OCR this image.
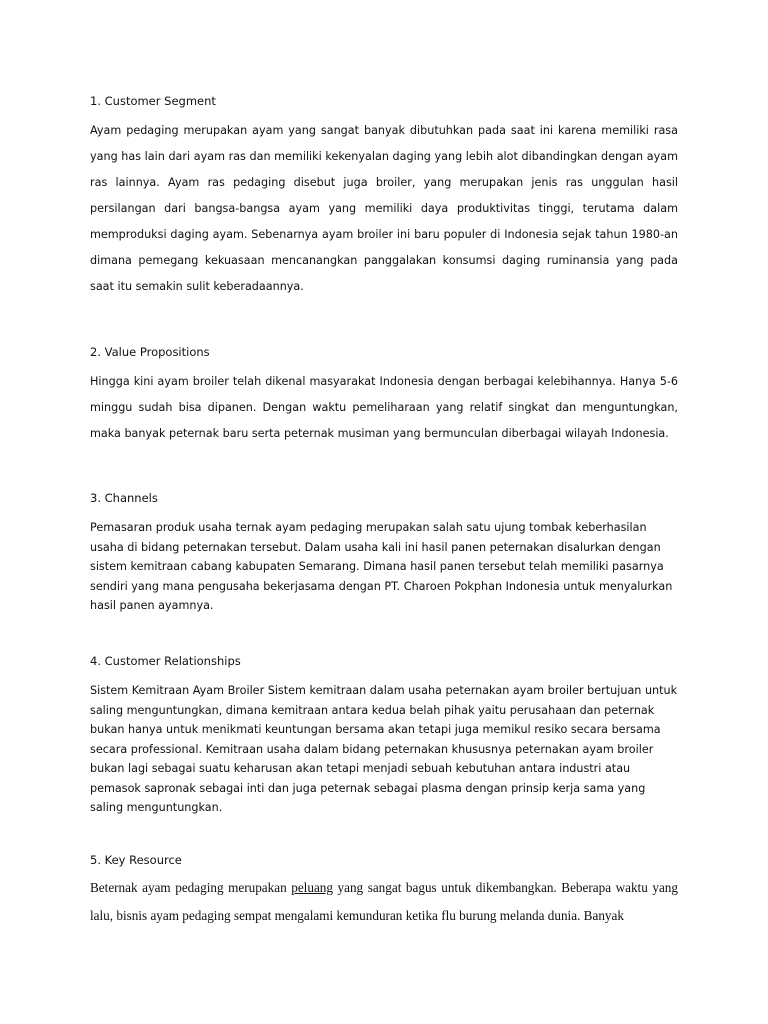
1. Customer Segment
Ayam pedaging merupakan ayam yang sangat banyak dibutuhkan pada saat ini karena memiliki rasa yang has lain dari ayam ras dan memiliki kekenyalan daging yang lebih alot dibandingkan dengan ayam ras lainnya. Ayam ras pedaging disebut juga broiler, yang merupakan jenis ras unggulan hasil persilangan dari bangsa-bangsa ayam yang memiliki daya produktivitas tinggi, terutama dalam memproduksi daging ayam. Sebenarnya ayam broiler ini baru populer di Indonesia sejak tahun 1980-an dimana pemegang kekuasaan mencanangkan panggalakan konsumsi daging ruminansia yang pada saat itu semakin sulit keberadaannya.
2. Value Propositions
Hingga kini ayam broiler telah dikenal masyarakat Indonesia dengan berbagai kelebihannya. Hanya 5-6 minggu sudah bisa dipanen. Dengan waktu pemeliharaan yang relatif singkat dan menguntungkan, maka banyak peternak baru serta peternak musiman yang bermunculan diberbagai wilayah Indonesia.
3. Channels
Pemasaran produk usaha ternak ayam pedaging merupakan salah satu ujung tombak keberhasilan usaha di bidang peternakan tersebut. Dalam usaha kali ini hasil panen peternakan disalurkan dengan sistem kemitraan cabang kabupaten Semarang. Dimana hasil panen tersebut telah memiliki pasarnya sendiri yang mana pengusaha bekerjasama dengan PT. Charoen Pokphan Indonesia untuk menyalurkan hasil panen ayamnya.
4. Customer Relationships
Sistem Kemitraan Ayam Broiler Sistem kemitraan dalam usaha peternakan ayam broiler bertujuan untuk saling menguntungkan, dimana kemitraan antara kedua belah pihak yaitu perusahaan dan peternak bukan hanya untuk menikmati keuntungan bersama akan tetapi juga memikul resiko secara bersama secara professional. Kemitraan usaha dalam bidang peternakan khususnya peternakan ayam broiler bukan lagi sebagai suatu keharusan akan tetapi menjadi sebuah kebutuhan antara industri atau pemasok sapronak sebagai inti dan juga peternak sebagai plasma dengan prinsip kerja sama yang saling menguntungkan.
5. Key Resource
Beternak ayam pedaging merupakan peluang yang sangat bagus untuk dikembangkan. Beberapa waktu yang lalu, bisnis ayam pedaging sempat mengalami kemunduran ketika flu burung melanda dunia. Banyak
